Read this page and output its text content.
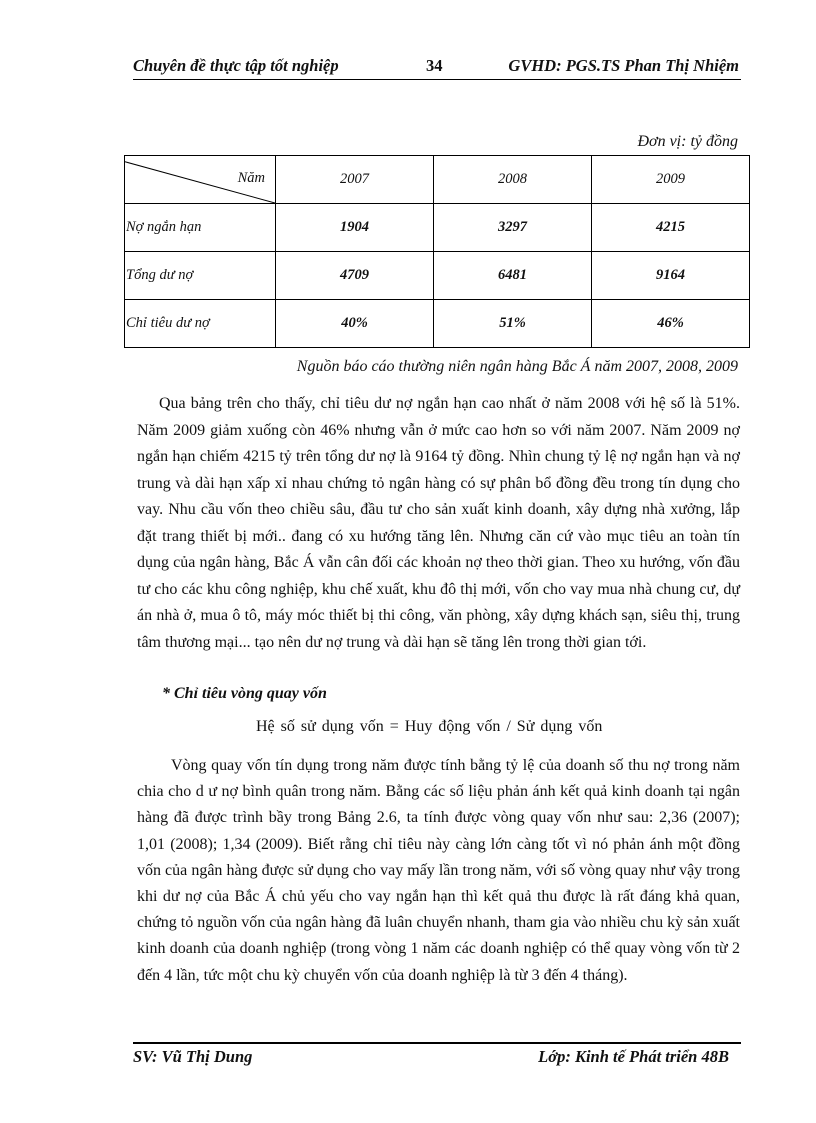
Chuyên đề thực tập tốt nghiệp	34	GVHD: PGS.TS Phan Thị Nhiệm
Đơn vị: tỷ đồng
Năm	2007	2008	2009
Nợ ngắn hạn	1904	3297	4215
Tổng dư nợ	4709	6481	9164
Chỉ tiêu dư nợ	40%	51%	46%
Nguồn báo cáo thường niên ngân hàng Bắc Á năm 2007, 2008, 2009

Qua bảng trên cho thấy, chỉ tiêu dư nợ ngắn hạn cao nhất ở năm 2008 với hệ số là 51%. Năm 2009 giảm xuống còn 46% nhưng vẫn ở mức cao hơn so với năm 2007. Năm 2009 nợ ngắn hạn chiếm 4215 tỷ trên tổng dư nợ là 9164 tỷ đồng. Nhìn chung tỷ lệ nợ ngắn hạn và nợ trung và dài hạn xấp xỉ nhau chứng tỏ ngân hàng có sự phân bổ đồng đều trong tín dụng cho vay. Nhu cầu vốn theo chiều sâu, đầu tư cho sản xuất kinh doanh, xây dựng nhà xưởng, lắp đặt trang thiết bị mới.. đang có xu hướng tăng lên. Nhưng căn cứ vào mục tiêu an toàn tín dụng của ngân hàng, Bắc Á vẫn cân đối các khoản nợ theo thời gian. Theo xu hướng, vốn đầu tư cho các khu công nghiệp, khu chế xuất, khu đô thị mới, vốn cho vay mua nhà chung cư, dự án nhà ở, mua ô tô, máy móc thiết bị thi công, văn phòng, xây dựng khách sạn, siêu thị, trung tâm thương mại... tạo nên dư nợ trung và dài hạn sẽ tăng lên trong thời gian tới.

* Chỉ tiêu vòng quay vốn
Hệ số sử dụng vốn = Huy động vốn / Sử dụng vốn

Vòng quay vốn tín dụng trong năm được tính bằng tỷ lệ của doanh số thu nợ trong năm chia cho d ư nợ bình quân trong năm. Bằng các số liệu phản ánh kết quả kinh doanh tại ngân hàng đã được trình bầy trong Bảng 2.6, ta tính được vòng quay vốn như sau: 2,36 (2007); 1,01 (2008); 1,34 (2009). Biết rằng chỉ tiêu này càng lớn càng tốt vì nó phản ánh một đồng vốn của ngân hàng được sử dụng cho vay mấy lần trong năm, với số vòng quay như vậy trong khi dư nợ của Bắc Á chủ yếu cho vay ngắn hạn thì kết quả thu được là rất đáng khả quan, chứng tỏ nguồn vốn của ngân hàng đã luân chuyển nhanh, tham gia vào nhiều chu kỳ sản xuất kinh doanh của doanh nghiệp (trong vòng 1 năm các doanh nghiệp có thể quay vòng vốn từ 2 đến 4 lần, tức một chu kỳ chuyển vốn của doanh nghiệp là từ 3 đến 4 tháng).

SV: Vũ Thị Dung	Lớp: Kinh tế Phát triển 48B
